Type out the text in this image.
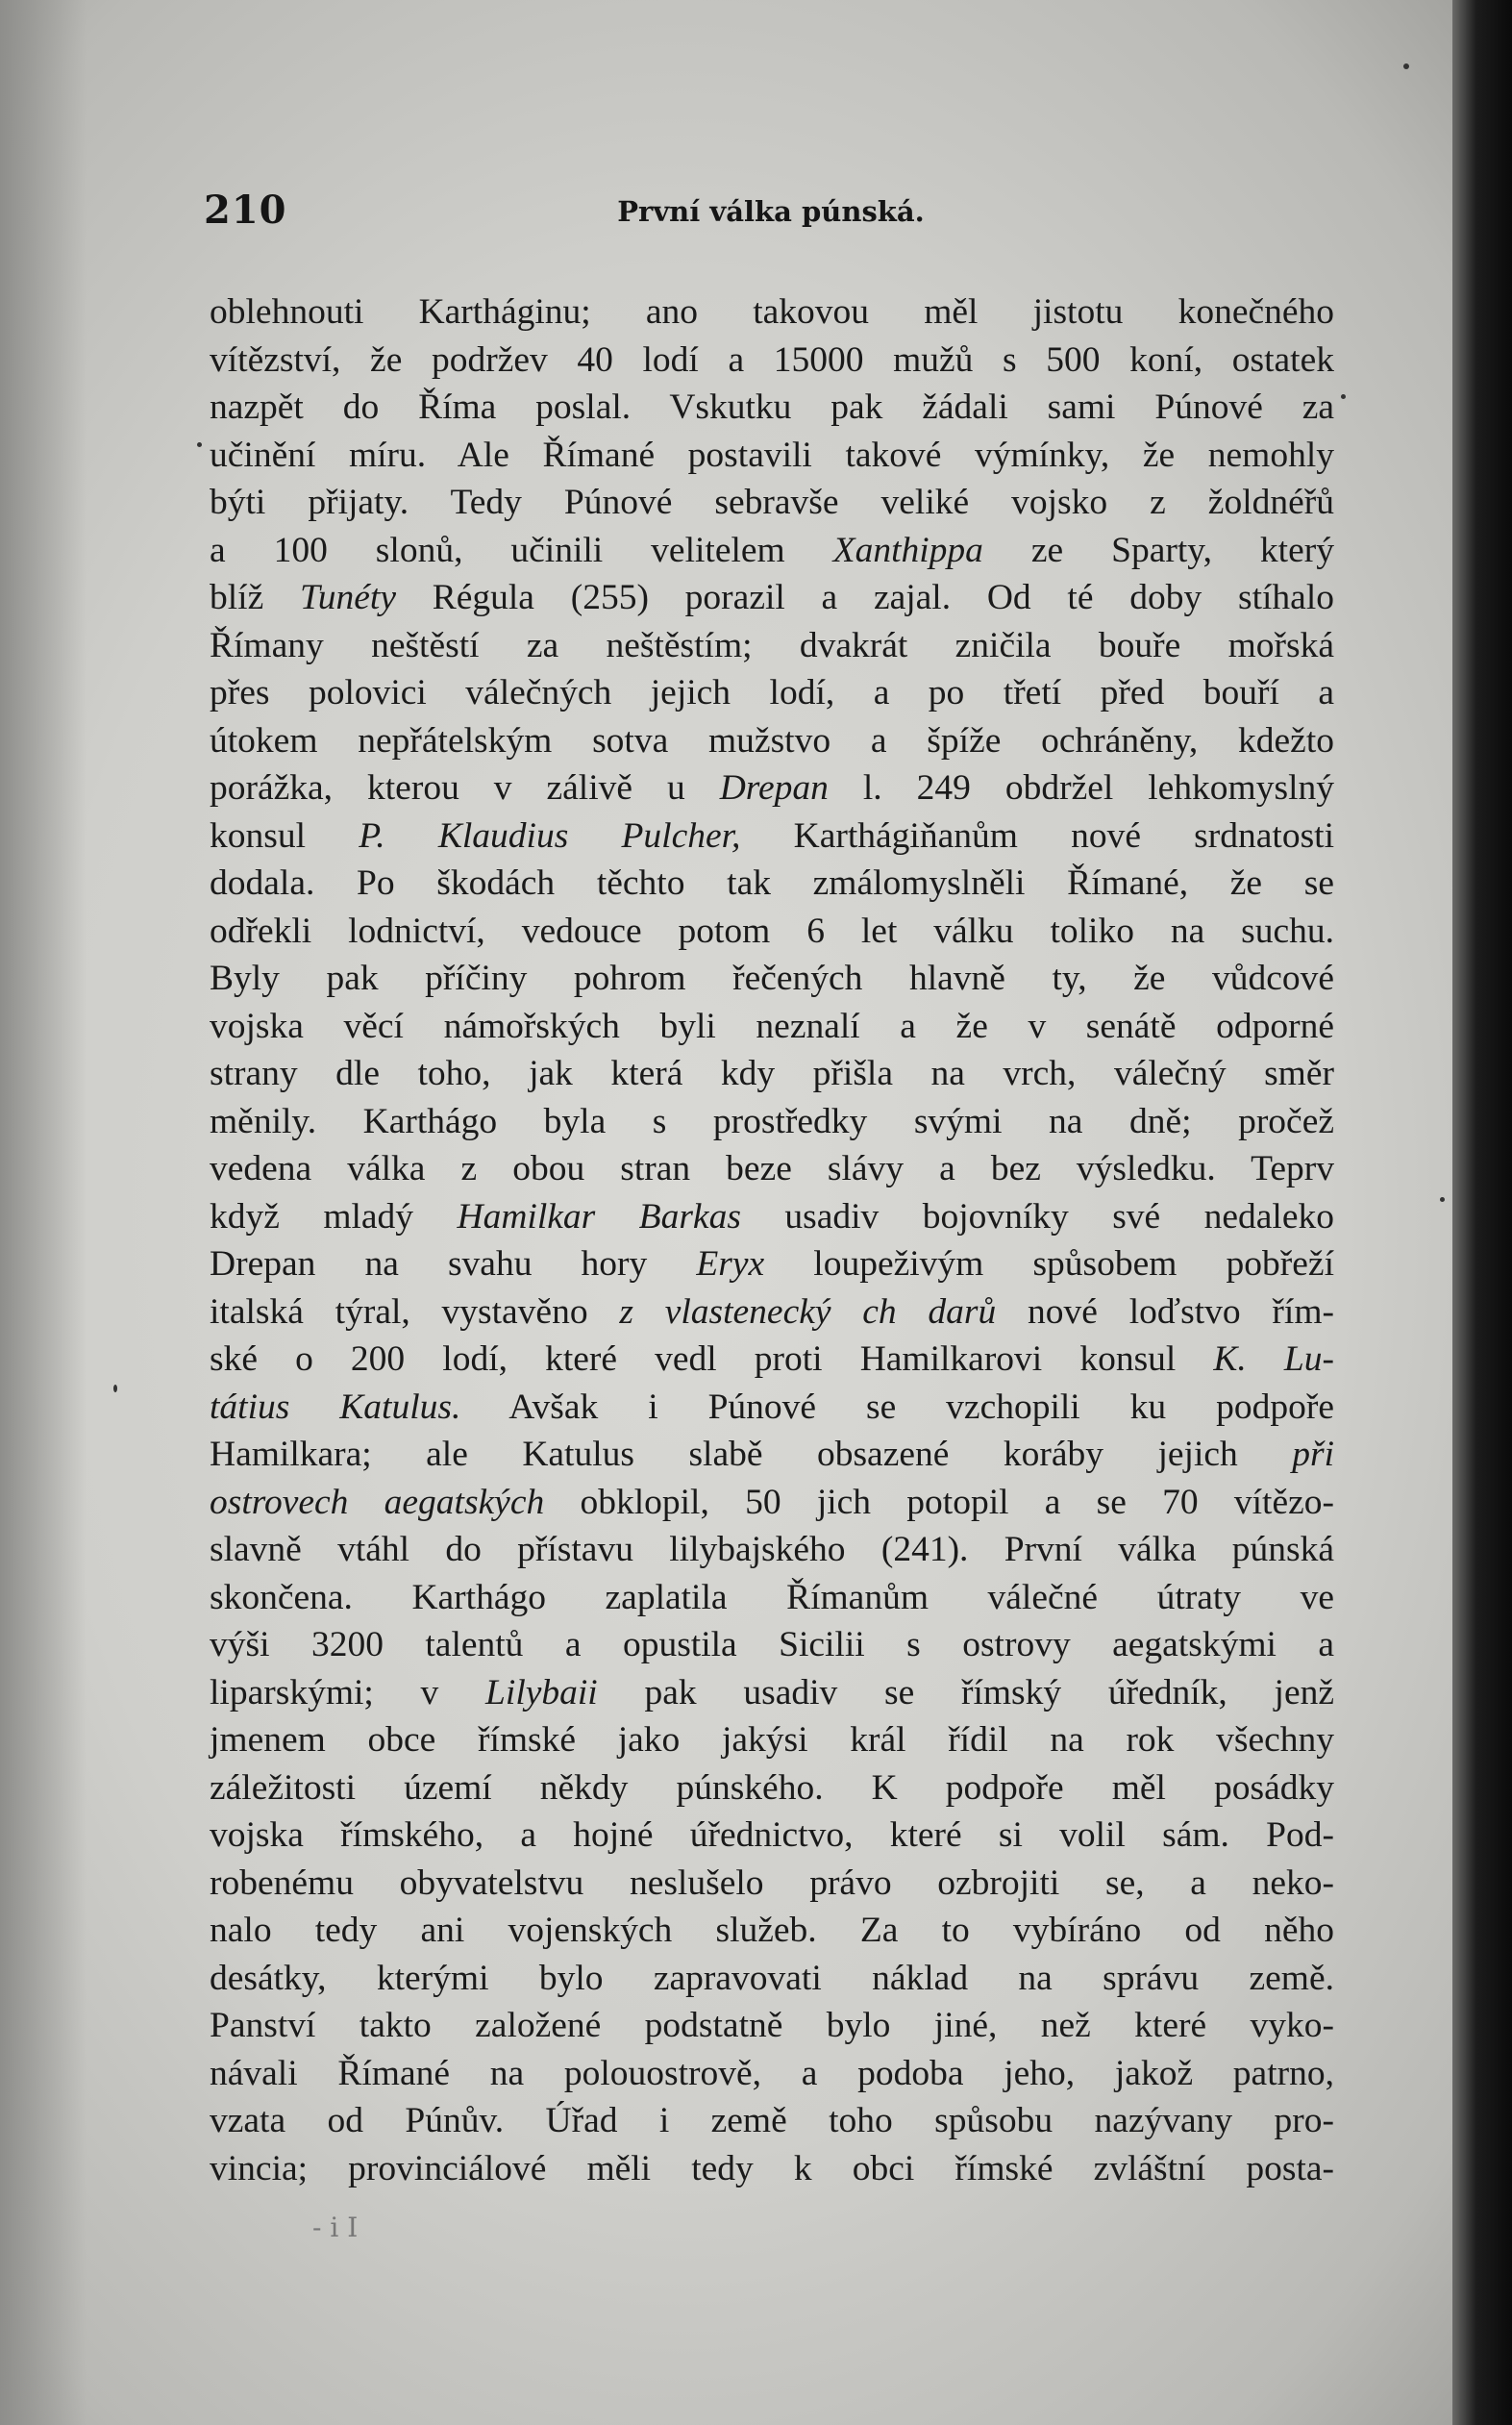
210	První válka púnská.
oblehnouti Kartháginu; ano takovou měl jistotu konečného
vítězství, že podržev 40 lodí a 15000 mužů s 500 koní, ostatek
nazpět do Říma poslal. Vskutku pak žádali sami Púnové za
učinění míru. Ale Římané postavili takové výmínky, že nemohly
býti přijaty. Tedy Púnové sebravše veliké vojsko z žoldnéřů
a 100 slonů, učinili velitelem Xanthippa ze Sparty, který
blíž Tunéty Régula (255) porazil a zajal. Od té doby stíhalo
Římany neštěstí za neštěstím; dvakrát zničila bouře mořská
přes polovici válečných jejich lodí, a po třetí před bouří a
útokem nepřátelským sotva mužstvo a špíže ochráněny, kdežto
porážka, kterou v zálivě u Drepan l. 249 obdržel lehkomyslný
konsul P. Klaudius Pulcher, Karthágiňanům nové srdnatosti
dodala. Po škodách těchto tak zmálomyslněli Římané, že se
odřekli lodnictví, vedouce potom 6 let válku toliko na suchu.
Byly pak příčiny pohrom řečených hlavně ty, že vůdcové
vojska věcí námořských byli neznalí a že v senátě odporné
strany dle toho, jak která kdy přišla na vrch, válečný směr
měnily. Karthágo byla s prostředky svými na dně; pročež
vedena válka z obou stran beze slávy a bez výsledku. Teprv
když mladý Hamilkar Barkas usadiv bojovníky své nedaleko
Drepan na svahu hory Eryx loupeživým spůsobem pobřeží
italská týral, vystavěno z vlastenecký ch darů nové loďstvo řím-
ské o 200 lodí, které vedl proti Hamilkarovi konsul K. Lu-
tátius Katulus. Avšak i Púnové se vzchopili ku podpoře
Hamilkara; ale Katulus slabě obsazené koráby jejich při
ostrovech aegatských obklopil, 50 jich potopil a se 70 vítězo-
slavně vtáhl do přístavu lilybajského (241). První válka púnská
skončena. Karthágo zaplatila Římanům válečné útraty ve
výši 3200 talentů a opustila Sicilii s ostrovy aegatskými a
liparskými; v Lilybaii pak usadiv se římský úředník, jenž
jmenem obce římské jako jakýsi král řídil na rok všechny
záležitosti území někdy púnského. K podpoře měl posádky
vojska římského, a hojné úřednictvo, které si volil sám. Pod-
robenému obyvatelstvu neslušelo právo ozbrojiti se, a neko-
nalo tedy ani vojenských služeb. Za to vybíráno od něho
desátky, kterými bylo zapravovati náklad na správu země.
Panství takto založené podstatně bylo jiné, než které vyko-
návali Římané na polouostrově, a podoba jeho, jakož patrno,
vzata od Púnův. Úřad i země toho spůsobu nazývany pro-
vincia; provinciálové měli tedy k obci římské zvláštní posta-
- i I
